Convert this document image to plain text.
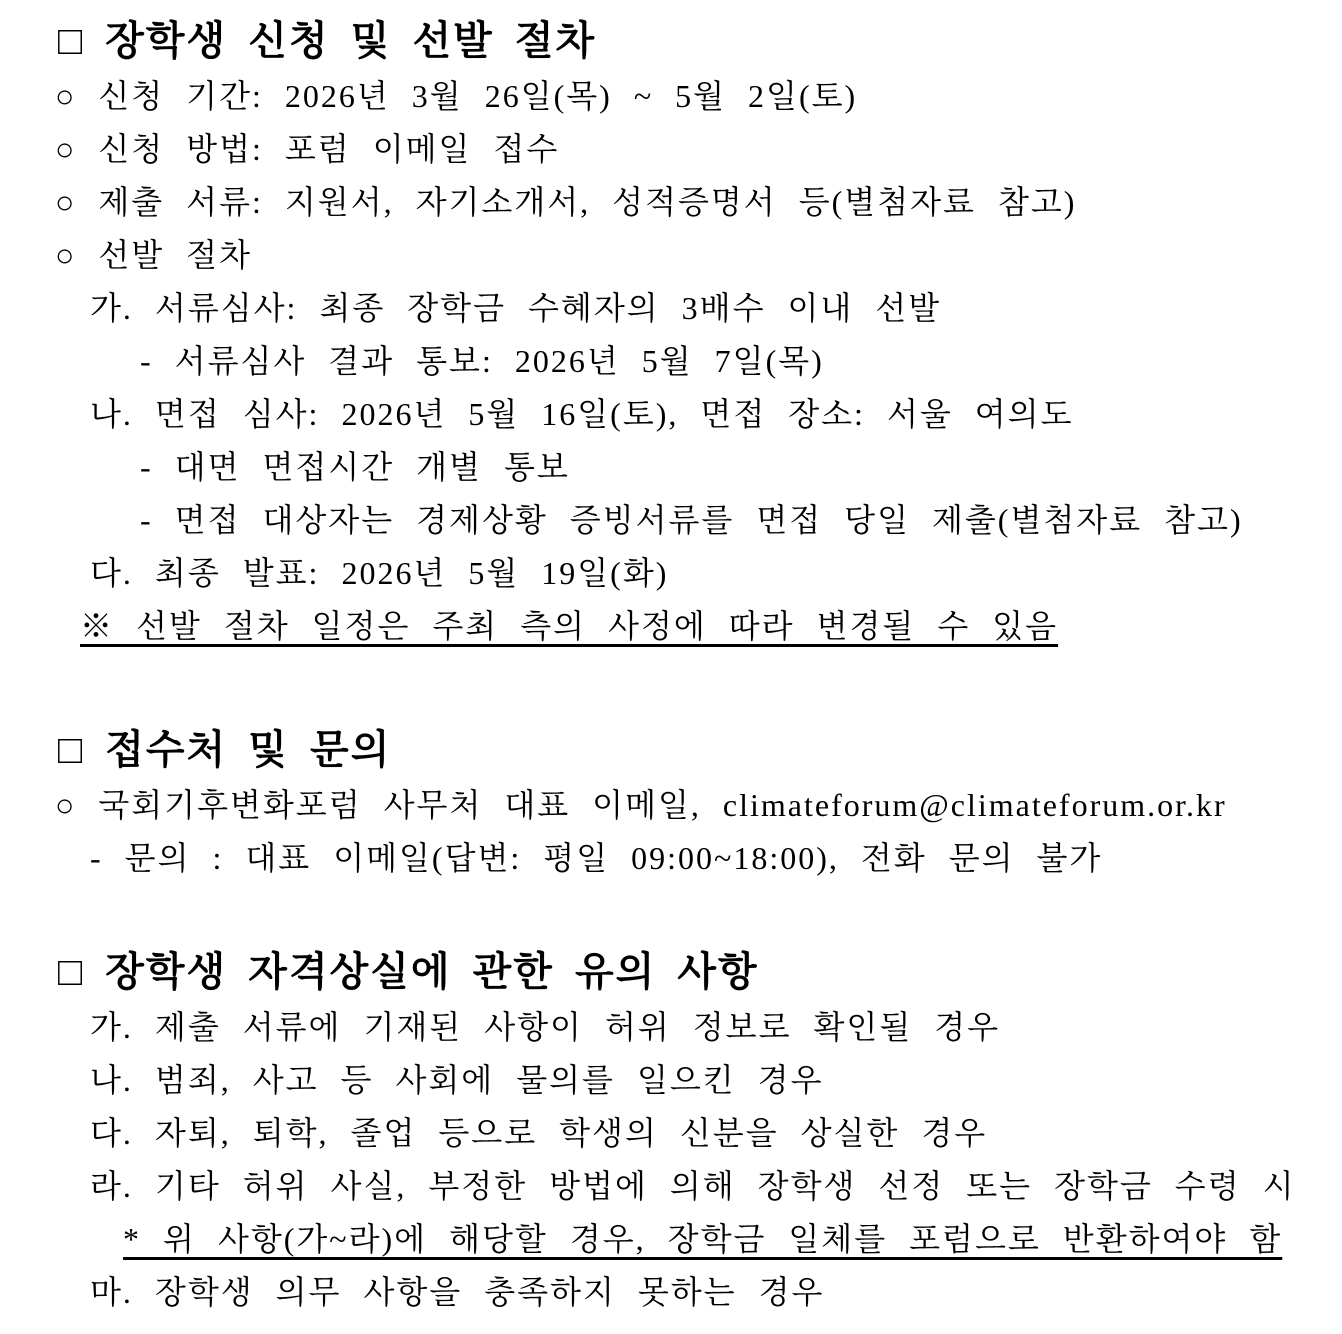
□ 장학생 신청 및 선발 절차
○ 신청 기간: 2026년 3월 26일(목) ~ 5월 2일(토)
○ 신청 방법: 포럼 이메일 접수
○ 제출 서류: 지원서, 자기소개서, 성적증명서 등(별첨자료 참고)
○ 선발 절차
가. 서류심사: 최종 장학금 수혜자의 3배수 이내 선발
- 서류심사 결과 통보: 2026년 5월 7일(목)
나. 면접 심사: 2026년 5월 16일(토), 면접 장소: 서울 여의도
- 대면 면접시간 개별 통보
- 면접 대상자는 경제상황 증빙서류를 면접 당일 제출(별첨자료 참고)
다. 최종 발표: 2026년 5월 19일(화)
※ 선발 절차 일정은 주최 측의 사정에 따라 변경될 수 있음
□ 접수처 및 문의
○ 국회기후변화포럼 사무처 대표 이메일, climateforum@climateforum.or.kr
- 문의 : 대표 이메일(답변: 평일 09:00~18:00), 전화 문의 불가
□ 장학생 자격상실에 관한 유의 사항
가. 제출 서류에 기재된 사항이 허위 정보로 확인될 경우
나. 범죄, 사고 등 사회에 물의를 일으킨 경우
다. 자퇴, 퇴학, 졸업 등으로 학생의 신분을 상실한 경우
라. 기타 허위 사실, 부정한 방법에 의해 장학생 선정 또는 장학금 수령 시
* 위 사항(가~라)에 해당할 경우, 장학금 일체를 포럼으로 반환하여야 함
마. 장학생 의무 사항을 충족하지 못하는 경우
